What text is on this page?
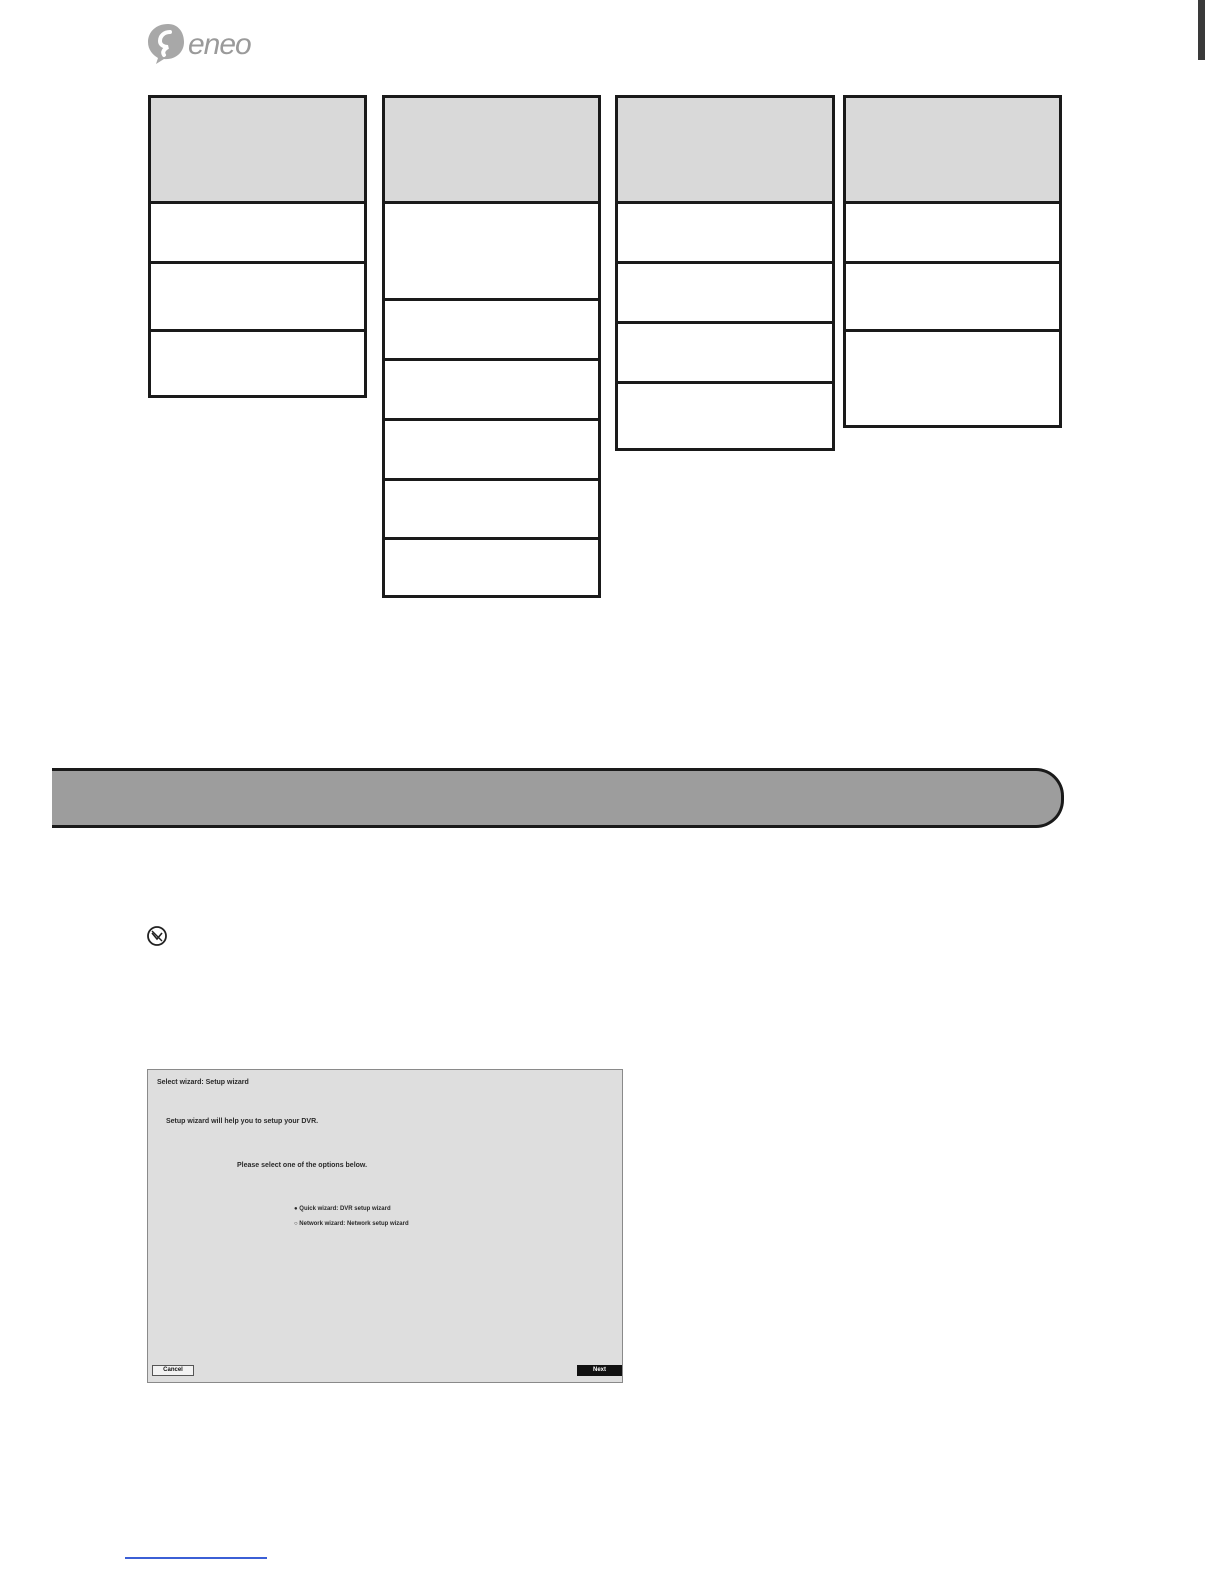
eneo
Select wizard: Setup wizard
Setup wizard will help you to setup your DVR.
Please select one of the options below.
● Quick wizard: DVR setup wizard
○ Network wizard: Network setup wizard
Cancel	Next
